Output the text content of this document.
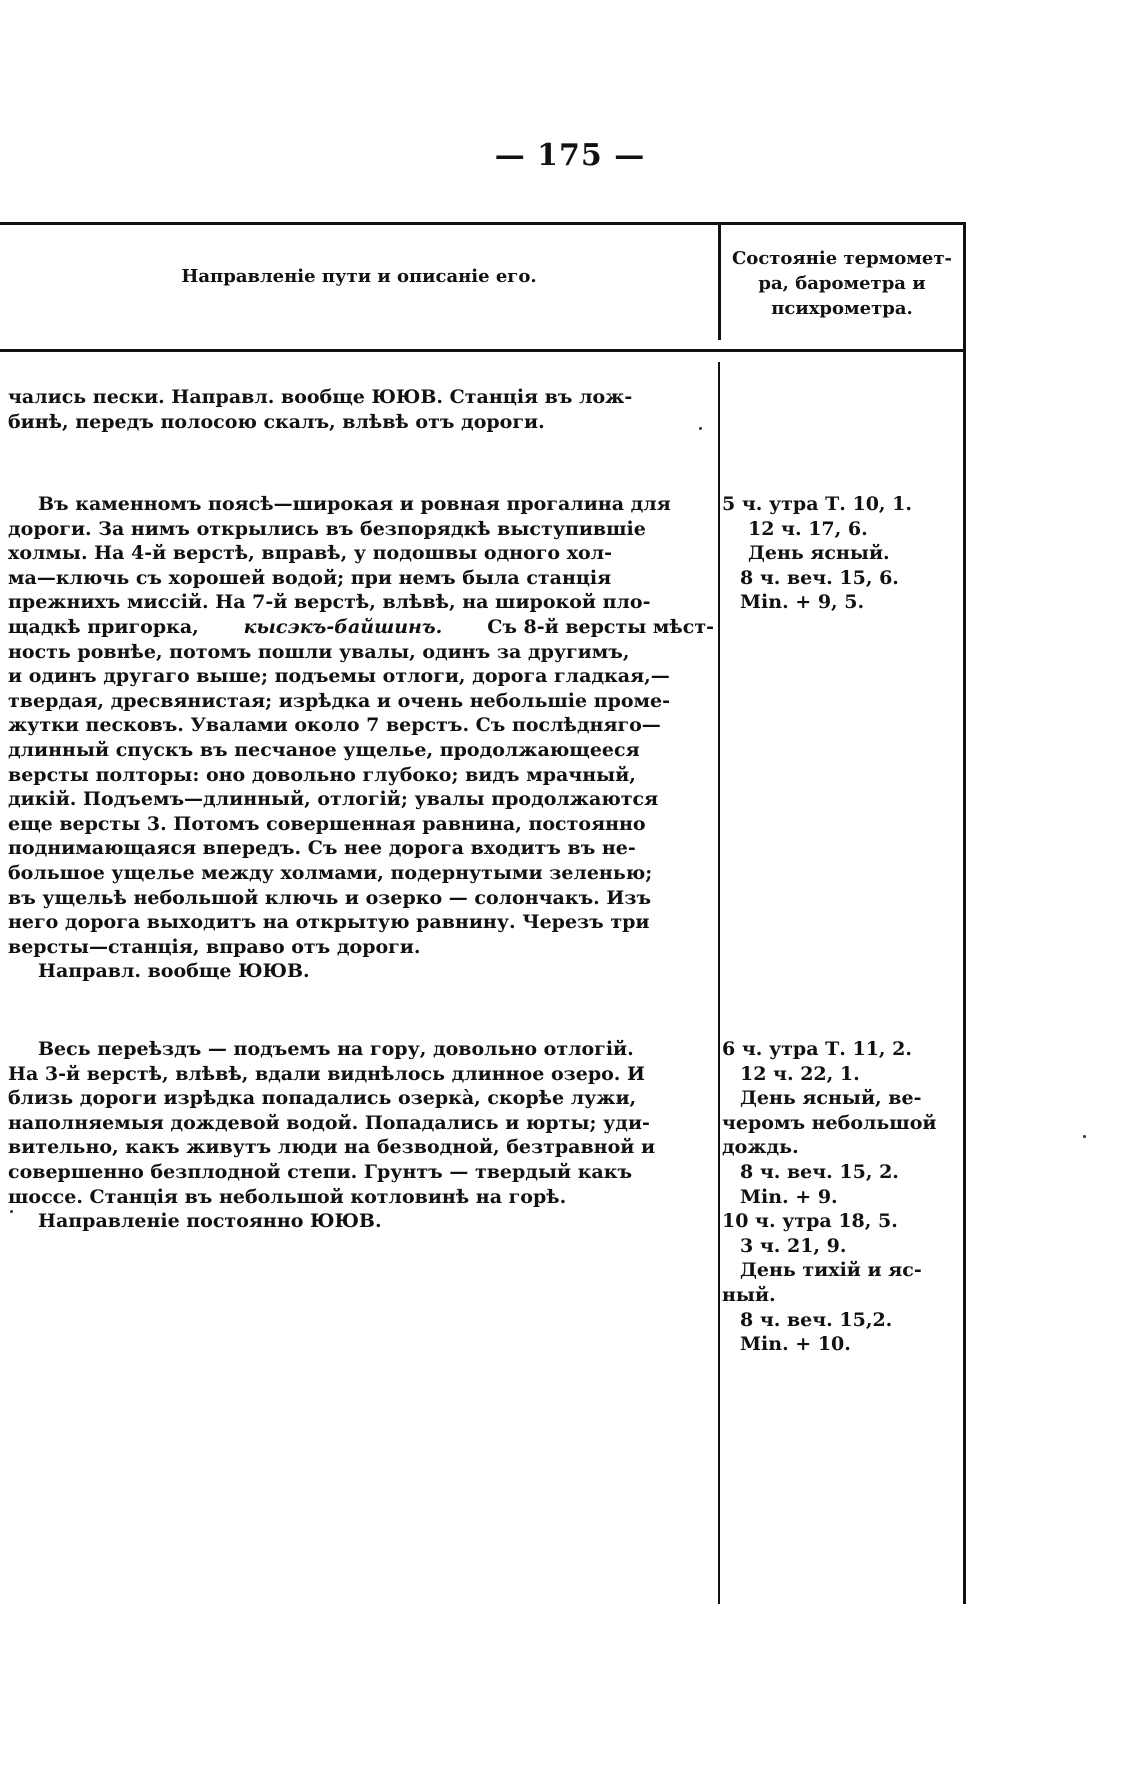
— 175 —
Направленіе пути и описаніе его.
Состояніе термомет-
ра, барометра и
психрометра.

чались пески. Направл. вообще ЮЮВ. Станція въ лож-

бинѣ, передъ полосою скалъ, влѣвѣ отъ дороги.

Въ каменномъ поясѣ—широкая и ровная прогалина для

дороги. За нимъ открылись въ безпорядкѣ выступившіе

холмы. На 4-й верстѣ, вправѣ, у подошвы одного хол-

ма—ключь съ хорошей водой; при немъ была станція

прежнихъ миссій. На 7-й верстѣ, влѣвѣ, на широкой пло-

щадкѣ пригорка, кысэкъ-байшинъ. Съ 8-й версты мѣст-

ность ровнѣе, потомъ пошли увалы, одинъ за другимъ,

и одинъ другаго выше; подъемы отлоги, дорога гладкая,—

твердая, дресвянистая; изрѣдка и очень небольшіе проме-

жутки песковъ. Увалами около 7 верстъ. Съ послѣдняго—

длинный спускъ въ песчаное ущелье, продолжающееся

версты полторы: оно довольно глубоко; видъ мрачный,

дикій. Подъемъ—длинный, отлогій; увалы продолжаются

еще версты 3. Потомъ совершенная равнина, постоянно

поднимающаяся впередъ. Съ нее дорога входитъ въ не-

большое ущелье между холмами, подернутыми зеленью;

въ ущельѣ небольшой ключь и озерко — солончакъ. Изъ

него дорога выходитъ на открытую равнину. Черезъ три

версты—станція, вправо отъ дороги.

Направл. вообще ЮЮВ.

5 ч. утра Т. 10, 1.
12 ч. 17, 6.
День ясный.
8 ч. веч. 15, 6.
Min. + 9, 5.

Весь переѣздъ — подъемъ на гору, довольно отлогій.

На 3-й верстѣ, влѣвѣ, вдали виднѣлось длинное озеро. И

близь дороги изрѣдка попадались озеркà, скорѣе лужи,

наполняемыя дождевой водой. Попадались и юрты; уди-

вительно, какъ живутъ люди на безводной, безтравной и

совершенно безплодной степи. Грунтъ — твердый какъ

шоссе. Станція въ небольшой котловинѣ на горѣ.

Направленіе постоянно ЮЮВ.

6 ч. утра Т. 11, 2.
12 ч. 22, 1.
День ясный, ве-
черомъ небольшой
дождь.
8 ч. веч. 15, 2.
Min. + 9.
10 ч. утра 18, 5.
3 ч. 21, 9.
День тихій и яс-
ный.
8 ч. веч. 15,2.
Min. + 10.
